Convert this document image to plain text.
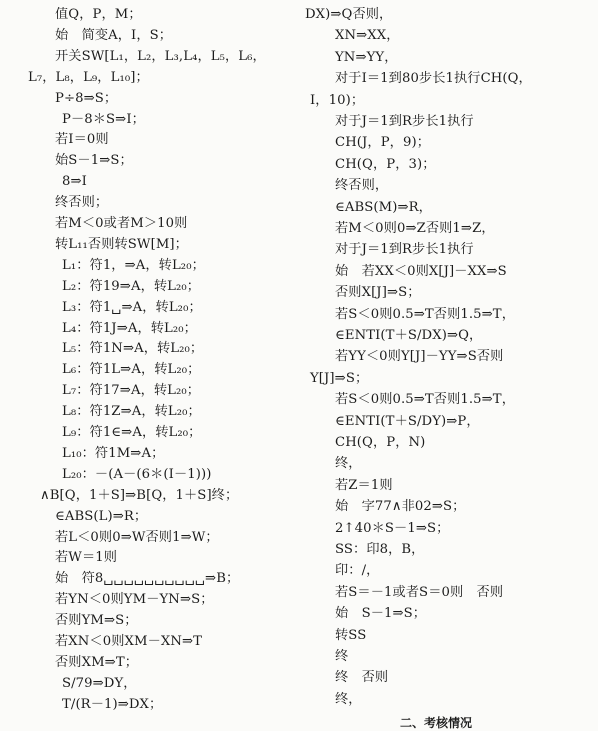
值Q，P，M；
始　简变A，I，S；
开关SW[L₁，L₂，L₃,L₄，L₅，L₆，
L₇，L₈，L₉，L₁₀]；
P÷8⇒S；
P－8＊S⇒I；
若I＝0则
始S－1⇒S；
8⇒I
终否则；
若M＜0或者M＞10则
转L₁₁否则转SW[M]；
L₁：符1，⇒A，转L₂₀；
L₂：符19⇒A，转L₂₀；
L₃：符1␣⇒A，转L₂₀；
L₄：符1J⇒A，转L₂₀；
L₅：符1N⇒A，转L₂₀；
L₆：符1L⇒A，转L₂₀；
L₇：符17⇒A，转L₂₀；
L₈：符1Z⇒A，转L₂₀；
L₉：符1∈⇒A，转L₂₀；
L₁₀：符1M⇒A；
L₂₀：－(A－(6＊(I－1)))
∧B[Q，1＋S]⇒B[Q，1＋S]终；
∈ABS(L)⇒R；
若L＜0则0⇒W否则1⇒W；
若W＝1则
始　符8␣␣␣␣␣␣␣␣␣␣⇒B；
若YN＜0则YM－YN⇒S；
否则YM⇒S；
若XN＜0则XM－XN⇒T
否则XM⇒T；
S/79⇒DY，
T/(R－1)⇒DX；
DX)⇒Q否则，
XN⇒XX，
YN⇒YY，
对于I＝1到80步长1执行CH(Q，
I，10)；
对于J＝1到R步长1执行
CH(J，P，9)；
CH(Q，P，3)；
终否则，
∈ABS(M)⇒R，
若M＜0则0⇒Z否则1⇒Z，
对于J＝1到R步长1执行
始　若XX＜0则X[J]－XX⇒S
否则X[J]⇒S；
若S＜0则0.5⇒T否则1.5⇒T，
∈ENTI(T＋S/DX)⇒Q，
若YY＜0则Y[J]－YY⇒S否则
Y[J]⇒S；
若S＜0则0.5⇒T否则1.5⇒T，
∈ENTI(T＋S/DY)⇒P，
CH(Q，P，N)
终，
若Z＝1则
始　字77∧非02⇒S；
2↑40＊S－1⇒S；
SS：印8，B，
印：/，
若S＝－1或者S＝0则　否则
始　S－1⇒S；
转SS
终
终　否则
终，
二、考核情况
